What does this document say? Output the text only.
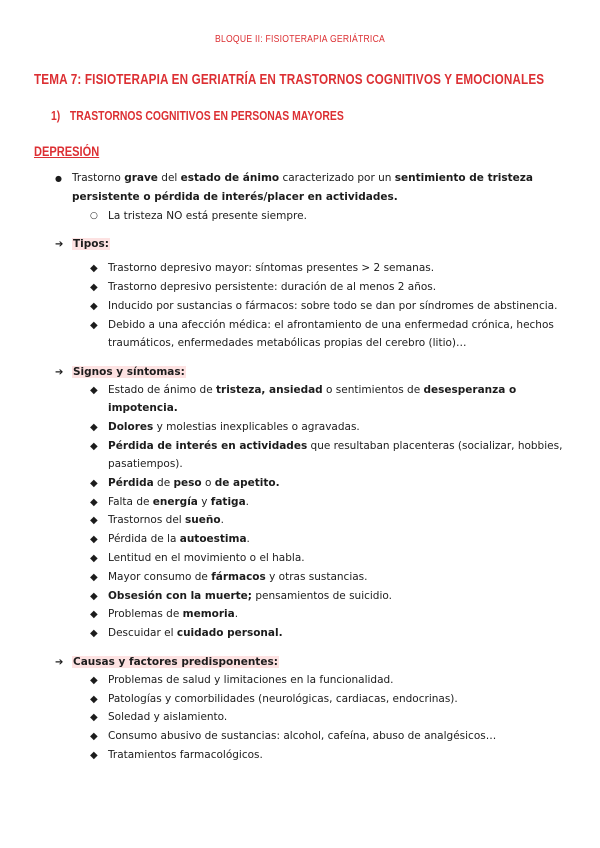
BLOQUE II: FISIOTERAPIA GERIÁTRICA
TEMA 7: FISIOTERAPIA EN GERIATRÍA EN TRASTORNOS COGNITIVOS Y EMOCIONALES
1) TRASTORNOS COGNITIVOS EN PERSONAS MAYORES
DEPRESIÓN
● Trastorno grave del estado de ánimo caracterizado por un sentimiento de tristeza
persistente o pérdida de interés/placer en actividades.
○ La tristeza NO está presente siempre.
➔ Tipos:
◆ Trastorno depresivo mayor: síntomas presentes > 2 semanas.
◆ Trastorno depresivo persistente: duración de al menos 2 años.
◆ Inducido por sustancias o fármacos: sobre todo se dan por síndromes de abstinencia.
◆ Debido a una afección médica: el afrontamiento de una enfermedad crónica, hechos
traumáticos, enfermedades metabólicas propias del cerebro (litio)…
➔ Signos y síntomas:
◆ Estado de ánimo de tristeza, ansiedad o sentimientos de desesperanza o
impotencia.
◆ Dolores y molestias inexplicables o agravadas.
◆ Pérdida de interés en actividades que resultaban placenteras (socializar, hobbies,
pasatiempos).
◆ Pérdida de peso o de apetito.
◆ Falta de energía y fatiga.
◆ Trastornos del sueño.
◆ Pérdida de la autoestima.
◆ Lentitud en el movimiento o el habla.
◆ Mayor consumo de fármacos y otras sustancias.
◆ Obsesión con la muerte; pensamientos de suicidio.
◆ Problemas de memoria.
◆ Descuidar el cuidado personal.
➔ Causas y factores predisponentes:
◆ Problemas de salud y limitaciones en la funcionalidad.
◆ Patologías y comorbilidades (neurológicas, cardiacas, endocrinas).
◆ Soledad y aislamiento.
◆ Consumo abusivo de sustancias: alcohol, cafeína, abuso de analgésicos…
◆ Tratamientos farmacológicos.
